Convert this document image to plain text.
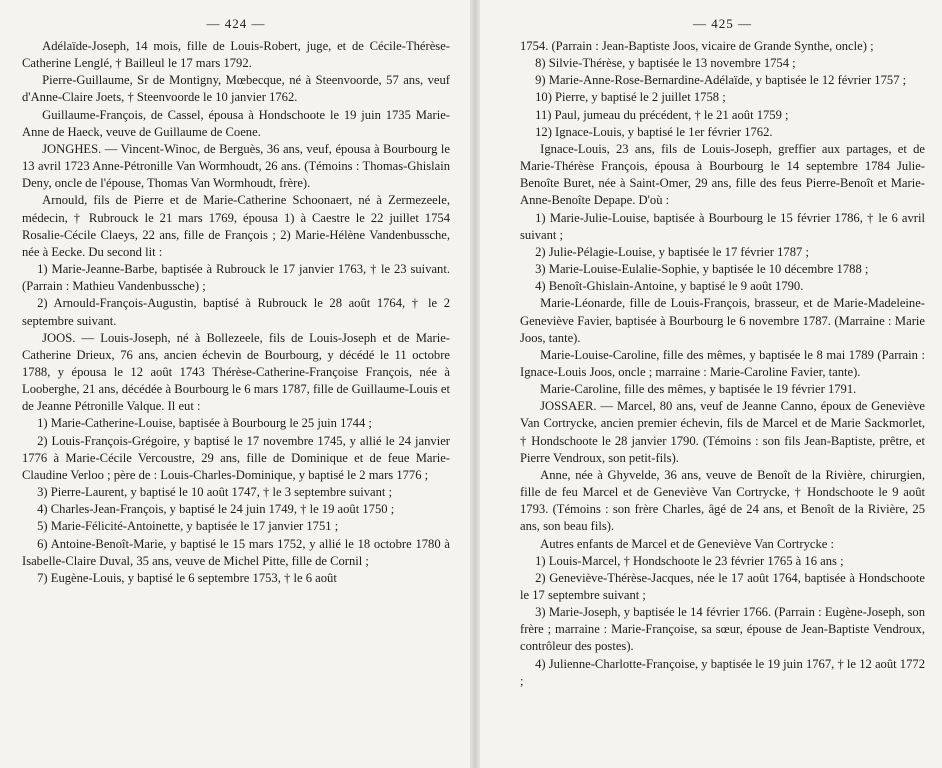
— 424 —

Adélaïde-Joseph, 14 mois, fille de Louis-Robert, juge, et de Cécile-Thérèse-Catherine Lenglé, † Bailleul le 17 mars 1792.

Pierre-Guillaume, Sr de Montigny, Mœbecque, né à Steenvoorde, 57 ans, veuf d'Anne-Claire Joets, † Steenvoorde le 10 janvier 1762.

Guillaume-François, de Cassel, épousa à Hondschoote le 19 juin 1735 Marie-Anne de Haeck, veuve de Guillaume de Coene.

JONGHES. — Vincent-Winoc, de Berguès, 36 ans, veuf, épousa à Bourbourg le 13 avril 1723 Anne-Pétronille Van Wormhoudt, 26 ans. (Témoins : Thomas-Ghislain Deny, oncle de l'épouse, Thomas Van Wormhoudt, frère).

Arnould, fils de Pierre et de Marie-Catherine Schoonaert, né à Zermezeele, médecin, † Rubrouck le 21 mars 1769, épousa 1) à Caestre le 22 juillet 1754 Rosalie-Cécile Claeys, 22 ans, fille de François ; 2) Marie-Hélène Vandenbussche, née à Eecke. Du second lit :

1) Marie-Jeanne-Barbe, baptisée à Rubrouck le 17 janvier 1763, † le 23 suivant. (Parrain : Mathieu Vandenbussche) ;

2) Arnould-François-Augustin, baptisé à Rubrouck le 28 août 1764, † le 2 septembre suivant.

JOOS. — Louis-Joseph, né à Bollezeele, fils de Louis-Joseph et de Marie-Catherine Drieux, 76 ans, ancien échevin de Bourbourg, y décédé le 11 octobre 1788, y épousa le 12 août 1743 Thérèse-Catherine-Françoise François, née à Looberghe, 21 ans, décédée à Bourbourg le 6 mars 1787, fille de Guillaume-Louis et de Jeanne Pétronille Valque. Il eut :

1) Marie-Catherine-Louise, baptisée à Bourbourg le 25 juin 1744 ;

2) Louis-François-Grégoire, y baptisé le 17 novembre 1745, y allié le 24 janvier 1776 à Marie-Cécile Vercoustre, 29 ans, fille de Dominique et de feue Marie-Claudine Verloo ; père de : Louis-Charles-Dominique, y baptisé le 2 mars 1776 ;

3) Pierre-Laurent, y baptisé le 10 août 1747, † le 3 septembre suivant ;

4) Charles-Jean-François, y baptisé le 24 juin 1749, † le 19 août 1750 ;

5) Marie-Félicité-Antoinette, y baptisée le 17 janvier 1751 ;

6) Antoine-Benoît-Marie, y baptisé le 15 mars 1752, y allié le 18 octobre 1780 à Isabelle-Claire Duval, 35 ans, veuve de Michel Pitte, fille de Cornil ;

7) Eugène-Louis, y baptisé le 6 septembre 1753, † le 6 août

— 425 —

1754. (Parrain : Jean-Baptiste Joos, vicaire de Grande Synthe, oncle) ;

8) Silvie-Thérèse, y baptisée le 13 novembre 1754 ;

9) Marie-Anne-Rose-Bernardine-Adélaïde, y baptisée le 12 février 1757 ;

10) Pierre, y baptisé le 2 juillet 1758 ;

11) Paul, jumeau du précédent, † le 21 août 1759 ;

12) Ignace-Louis, y baptisé le 1er février 1762.

Ignace-Louis, 23 ans, fils de Louis-Joseph, greffier aux partages, et de Marie-Thérèse François, épousa à Bourbourg le 14 septembre 1784 Julie-Benoîte Buret, née à Saint-Omer, 29 ans, fille des feus Pierre-Benoît et Marie-Anne-Benoîte Depape. D'où :

1) Marie-Julie-Louise, baptisée à Bourbourg le 15 février 1786, † le 6 avril suivant ;

2) Julie-Pélagie-Louise, y baptisée le 17 février 1787 ;

3) Marie-Louise-Eulalie-Sophie, y baptisée le 10 décembre 1788 ;

4) Benoît-Ghislain-Antoine, y baptisé le 9 août 1790.

Marie-Léonarde, fille de Louis-François, brasseur, et de Marie-Madeleine-Geneviève Favier, baptisée à Bourbourg le 6 novembre 1787. (Marraine : Marie Joos, tante).

Marie-Louise-Caroline, fille des mêmes, y baptisée le 8 mai 1789 (Parrain : Ignace-Louis Joos, oncle ; marraine : Marie-Caroline Favier, tante).

Marie-Caroline, fille des mêmes, y baptisée le 19 février 1791.

JOSSAER. — Marcel, 80 ans, veuf de Jeanne Canno, époux de Geneviève Van Cortrycke, ancien premier échevin, fils de Marcel et de Marie Sackmorlet, † Hondschoote le 28 janvier 1790. (Témoins : son fils Jean-Baptiste, prêtre, et Pierre Vendroux, son petit-fils).

Anne, née à Ghyvelde, 36 ans, veuve de Benoît de la Rivière, chirurgien, fille de feu Marcel et de Geneviève Van Cortrycke, † Hondschoote le 9 août 1793. (Témoins : son frère Charles, âgé de 24 ans, et Benoît de la Rivière, 25 ans, son beau fils).

Autres enfants de Marcel et de Geneviève Van Cortrycke :

1) Louis-Marcel, † Hondschoote le 23 février 1765 à 16 ans ;

2) Geneviève-Thérèse-Jacques, née le 17 août 1764, baptisée à Hondschoote le 17 septembre suivant ;

3) Marie-Joseph, y baptisée le 14 février 1766. (Parrain : Eugène-Joseph, son frère ; marraine : Marie-Françoise, sa sœur, épouse de Jean-Baptiste Vendroux, contrôleur des postes).

4) Julienne-Charlotte-Françoise, y baptisée le 19 juin 1767, † le 12 août 1772 ;
